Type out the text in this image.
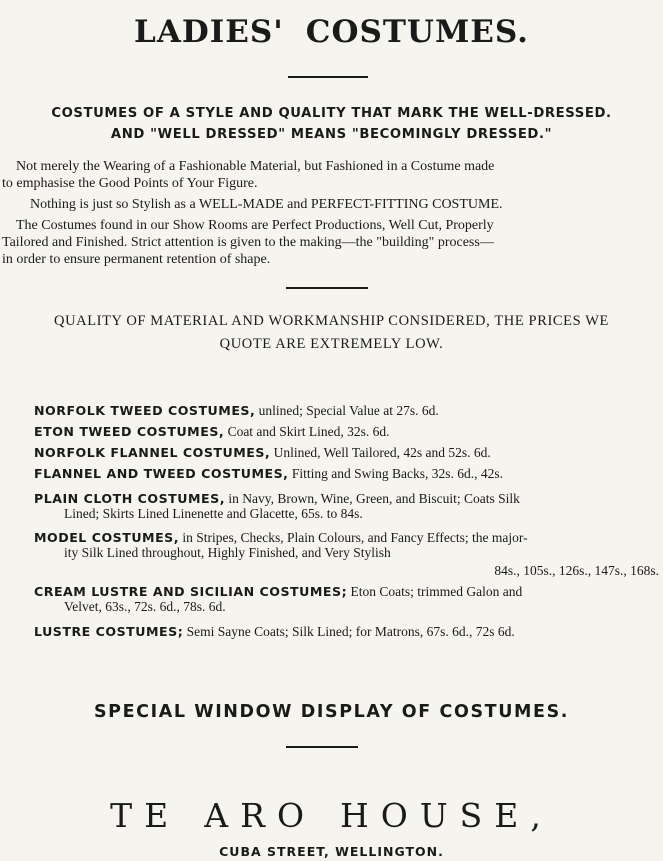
LADIES' COSTUMES.
COSTUMES OF A STYLE AND QUALITY THAT MARK THE WELL-DRESSED.
AND "WELL DRESSED" MEANS "BECOMINGLY DRESSED."
Not merely the Wearing of a Fashionable Material, but Fashioned in a Costume made
to emphasise the Good Points of Your Figure.
Nothing is just so Stylish as a WELL-MADE and PERFECT-FITTING COSTUME.
The Costumes found in our Show Rooms are Perfect Productions, Well Cut, Properly
Tailored and Finished. Strict attention is given to the making—the "building" process—
in order to ensure permanent retention of shape.
QUALITY OF MATERIAL AND WORKMANSHIP CONSIDERED, THE PRICES WE
QUOTE ARE EXTREMELY LOW.
NORFOLK TWEED COSTUMES, unlined; Special Value at 27s. 6d.
ETON TWEED COSTUMES, Coat and Skirt Lined, 32s. 6d.
NORFOLK FLANNEL COSTUMES, Unlined, Well Tailored, 42s and 52s. 6d.
FLANNEL AND TWEED COSTUMES, Fitting and Swing Backs, 32s. 6d., 42s.
PLAIN CLOTH COSTUMES, in Navy, Brown, Wine, Green, and Biscuit; Coats Silk
Lined; Skirts Lined Linenette and Glacette, 65s. to 84s.
MODEL COSTUMES, in Stripes, Checks, Plain Colours, and Fancy Effects; the major-
ity Silk Lined throughout, Highly Finished, and Very Stylish
84s., 105s., 126s., 147s., 168s.
CREAM LUSTRE AND SICILIAN COSTUMES; Eton Coats; trimmed Galon and
Velvet, 63s., 72s. 6d., 78s. 6d.
LUSTRE COSTUMES; Semi Sayne Coats; Silk Lined; for Matrons, 67s. 6d., 72s 6d.
SPECIAL WINDOW DISPLAY OF COSTUMES.
TE ARO HOUSE,
CUBA STREET, WELLINGTON.
